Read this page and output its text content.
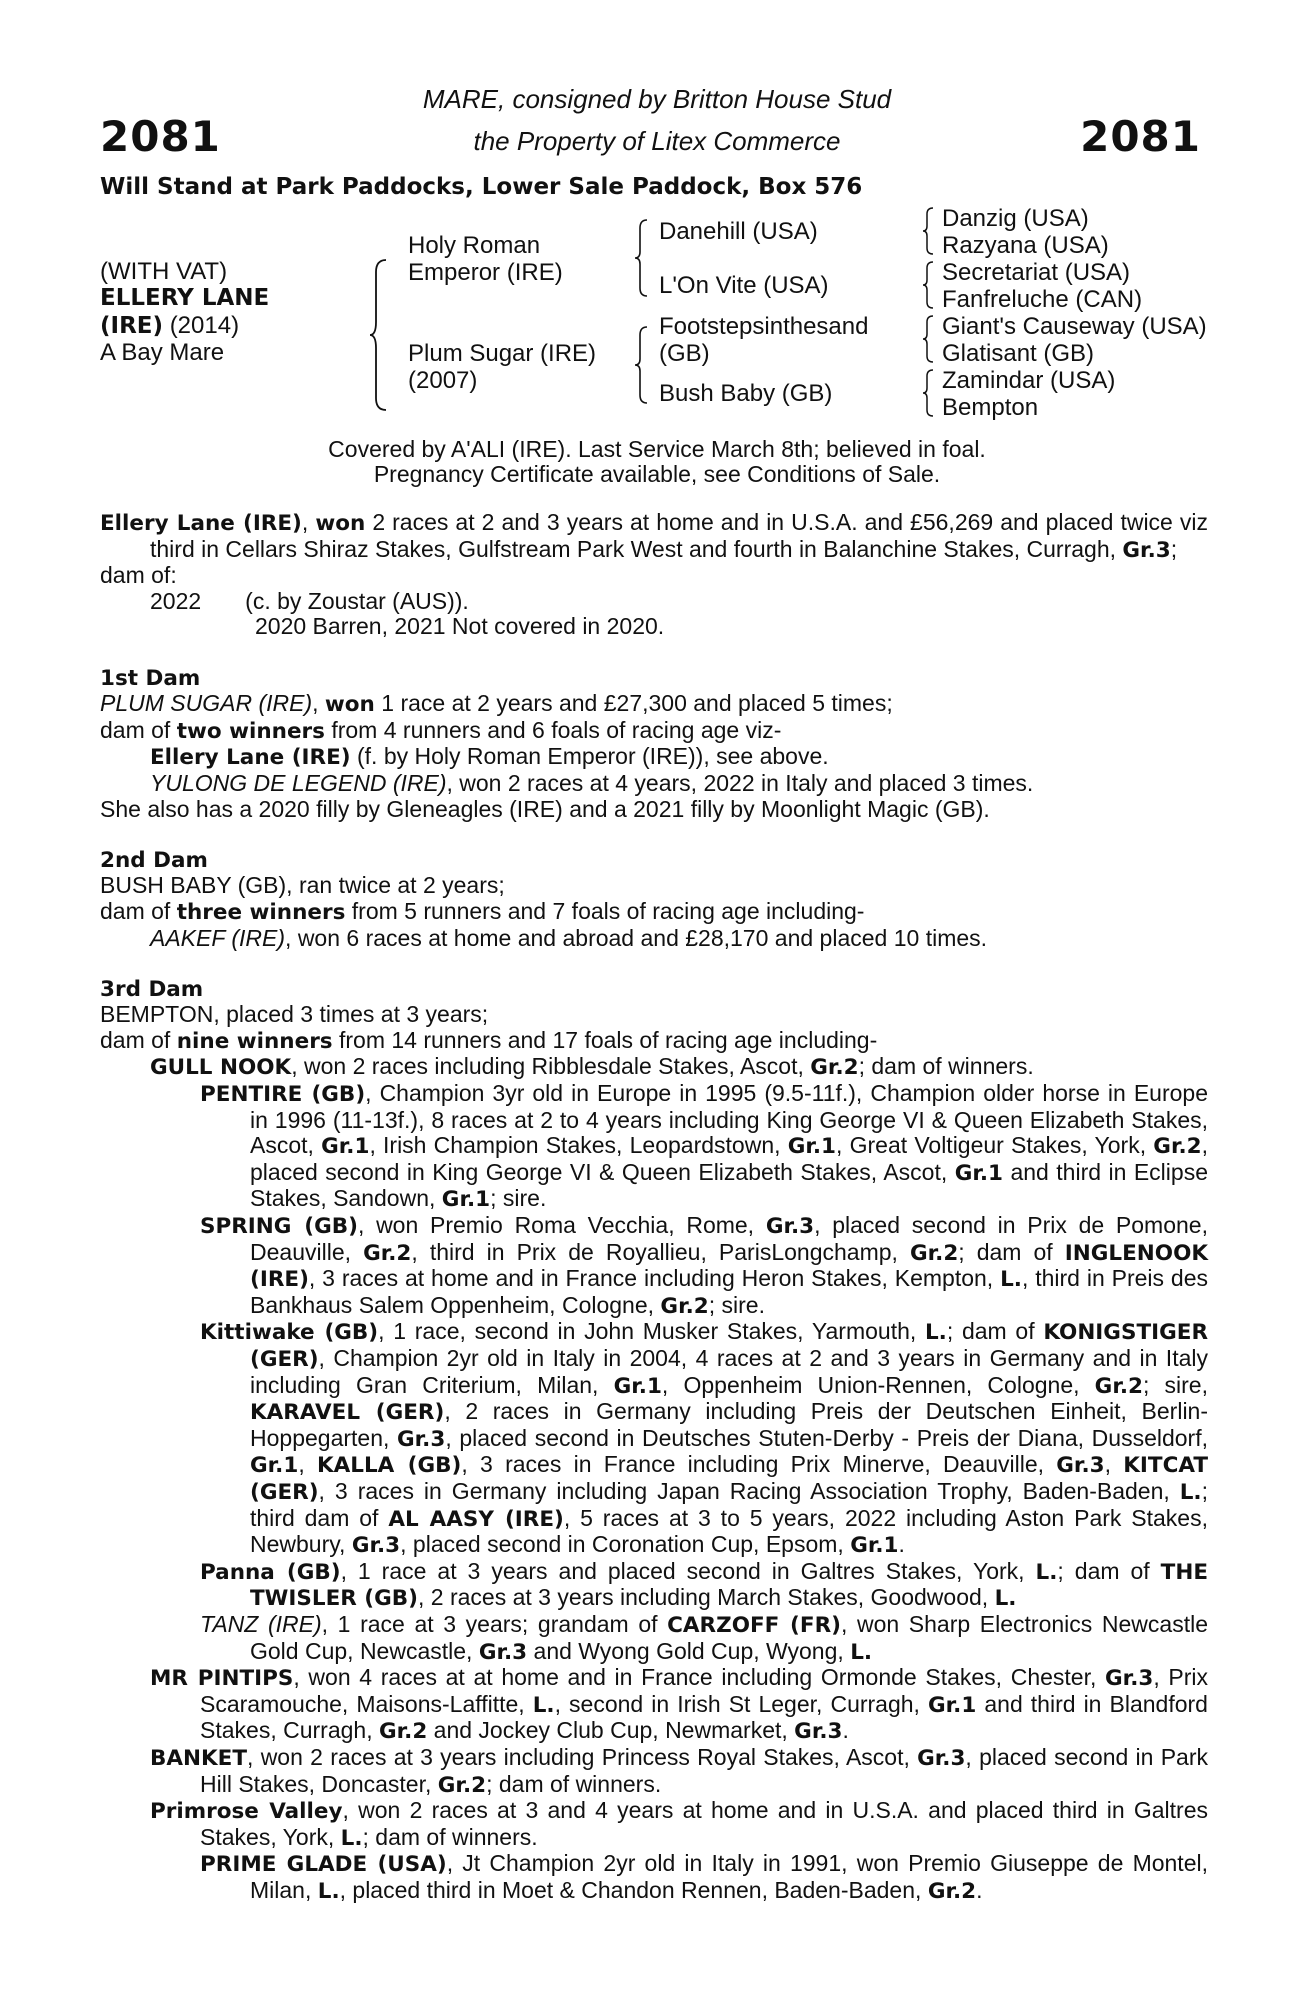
2081	2081
MARE, consigned by Britton House Stud
the Property of Litex Commerce
Will Stand at Park Paddocks, Lower Sale Paddock, Box 576
(WITH VAT)
ELLERY LANE
(IRE) (2014)
A Bay Mare
Holy Roman
Emperor (IRE)
Plum Sugar (IRE)
(2007)
Danehill (USA)
L'On Vite (USA)
Footstepsinthesand
(GB)
Bush Baby (GB)
Danzig (USA)
Razyana (USA)
Secretariat (USA)
Fanfreluche (CAN)
Giant's Causeway (USA)
Glatisant (GB)
Zamindar (USA)
Bempton
Covered by A'ALI (IRE). Last Service March 8th; believed in foal.
Pregnancy Certificate available, see Conditions of Sale.

Ellery Lane (IRE), won 2 races at 2 and 3 years at home and in U.S.A. and £56,269 and placed twice viz third in Cellars Shiraz Stakes, Gulfstream Park West and fourth in Balanchine Stakes, Curragh, Gr.3;

dam of:

2022 (c. by Zoustar (AUS)).

2020 Barren, 2021 Not covered in 2020.

1st Dam

PLUM SUGAR (IRE), won 1 race at 2 years and £27,300 and placed 5 times;

dam of two winners from 4 runners and 6 foals of racing age viz-

Ellery Lane (IRE) (f. by Holy Roman Emperor (IRE)), see above.

YULONG DE LEGEND (IRE), won 2 races at 4 years, 2022 in Italy and placed 3 times.

She also has a 2020 filly by Gleneagles (IRE) and a 2021 filly by Moonlight Magic (GB).

2nd Dam

BUSH BABY (GB), ran twice at 2 years;

dam of three winners from 5 runners and 7 foals of racing age including-

AAKEF (IRE), won 6 races at home and abroad and £28,170 and placed 10 times.

3rd Dam

BEMPTON, placed 3 times at 3 years;

dam of nine winners from 14 runners and 17 foals of racing age including-

GULL NOOK, won 2 races including Ribblesdale Stakes, Ascot, Gr.2; dam of winners.

PENTIRE (GB), Champion 3yr old in Europe in 1995 (9.5-11f.), Champion older horse in Europe in 1996 (11-13f.), 8 races at 2 to 4 years including King George VI & Queen Elizabeth Stakes, Ascot, Gr.1, Irish Champion Stakes, Leopardstown, Gr.1, Great Voltigeur Stakes, York, Gr.2, placed second in King George VI & Queen Elizabeth Stakes, Ascot, Gr.1 and third in Eclipse Stakes, Sandown, Gr.1; sire.

SPRING (GB), won Premio Roma Vecchia, Rome, Gr.3, placed second in Prix de Pomone, Deauville, Gr.2, third in Prix de Royallieu, ParisLongchamp, Gr.2; dam of INGLENOOK (IRE), 3 races at home and in France including Heron Stakes, Kempton, L., third in Preis des Bankhaus Salem Oppenheim, Cologne, Gr.2; sire.

Kittiwake (GB), 1 race, second in John Musker Stakes, Yarmouth, L.; dam of KONIGSTIGER (GER), Champion 2yr old in Italy in 2004, 4 races at 2 and 3 years in Germany and in Italy including Gran Criterium, Milan, Gr.1, Oppenheim Union-Rennen, Cologne, Gr.2; sire, KARAVEL (GER), 2 races in Germany including Preis der Deutschen Einheit, Berlin-Hoppegarten, Gr.3, placed second in Deutsches Stuten-Derby - Preis der Diana, Dusseldorf, Gr.1, KALLA (GB), 3 races in France including Prix Minerve, Deauville, Gr.3, KITCAT (GER), 3 races in Germany including Japan Racing Association Trophy, Baden-Baden, L.; third dam of AL AASY (IRE), 5 races at 3 to 5 years, 2022 including Aston Park Stakes, Newbury, Gr.3, placed second in Coronation Cup, Epsom, Gr.1.

Panna (GB), 1 race at 3 years and placed second in Galtres Stakes, York, L.; dam of THE TWISLER (GB), 2 races at 3 years including March Stakes, Goodwood, L.

TANZ (IRE), 1 race at 3 years; grandam of CARZOFF (FR), won Sharp Electronics Newcastle Gold Cup, Newcastle, Gr.3 and Wyong Gold Cup, Wyong, L.

MR PINTIPS, won 4 races at at home and in France including Ormonde Stakes, Chester, Gr.3, Prix Scaramouche, Maisons-Laffitte, L., second in Irish St Leger, Curragh, Gr.1 and third in Blandford Stakes, Curragh, Gr.2 and Jockey Club Cup, Newmarket, Gr.3.

BANKET, won 2 races at 3 years including Princess Royal Stakes, Ascot, Gr.3, placed second in Park Hill Stakes, Doncaster, Gr.2; dam of winners.

Primrose Valley, won 2 races at 3 and 4 years at home and in U.S.A. and placed third in Galtres Stakes, York, L.; dam of winners.

PRIME GLADE (USA), Jt Champion 2yr old in Italy in 1991, won Premio Giuseppe de Montel, Milan, L., placed third in Moet & Chandon Rennen, Baden-Baden, Gr.2.
